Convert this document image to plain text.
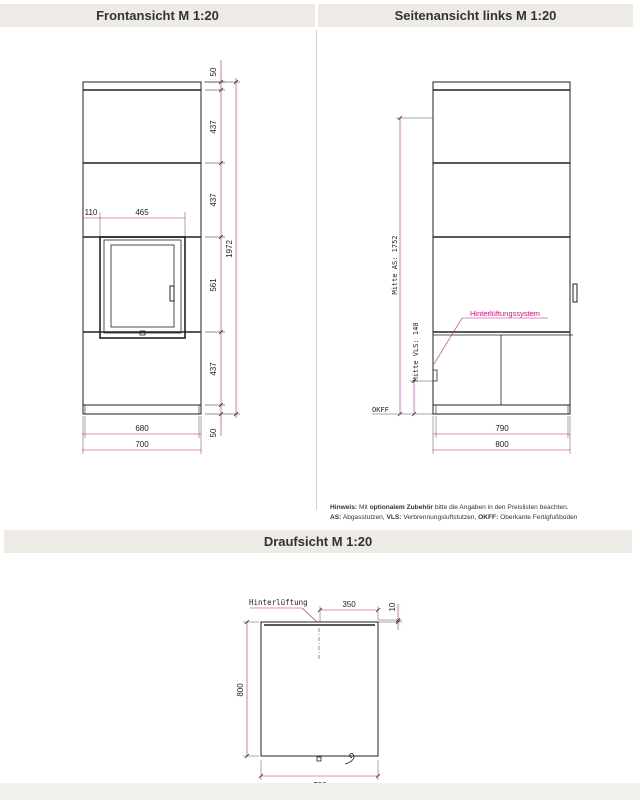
Frontansicht M 1:20	Seitenansicht links M 1:20
Draufsicht M 1:20
50
437
437
561
437
50
1972
110	465
680
700
Mitte AS: 1752
Mitte VLS: 140
OKFF
Hinterlüftungssystem
790
800
Hinterlüftung	350	10
800
Hinweis: Mit optionalem Zubehör bitte die Angaben in den Preislisten beachten.
AS: Abgasstutzen, VLS: Verbrennungsluftstutzen, OKFF: Oberkante Fertigfußboden
